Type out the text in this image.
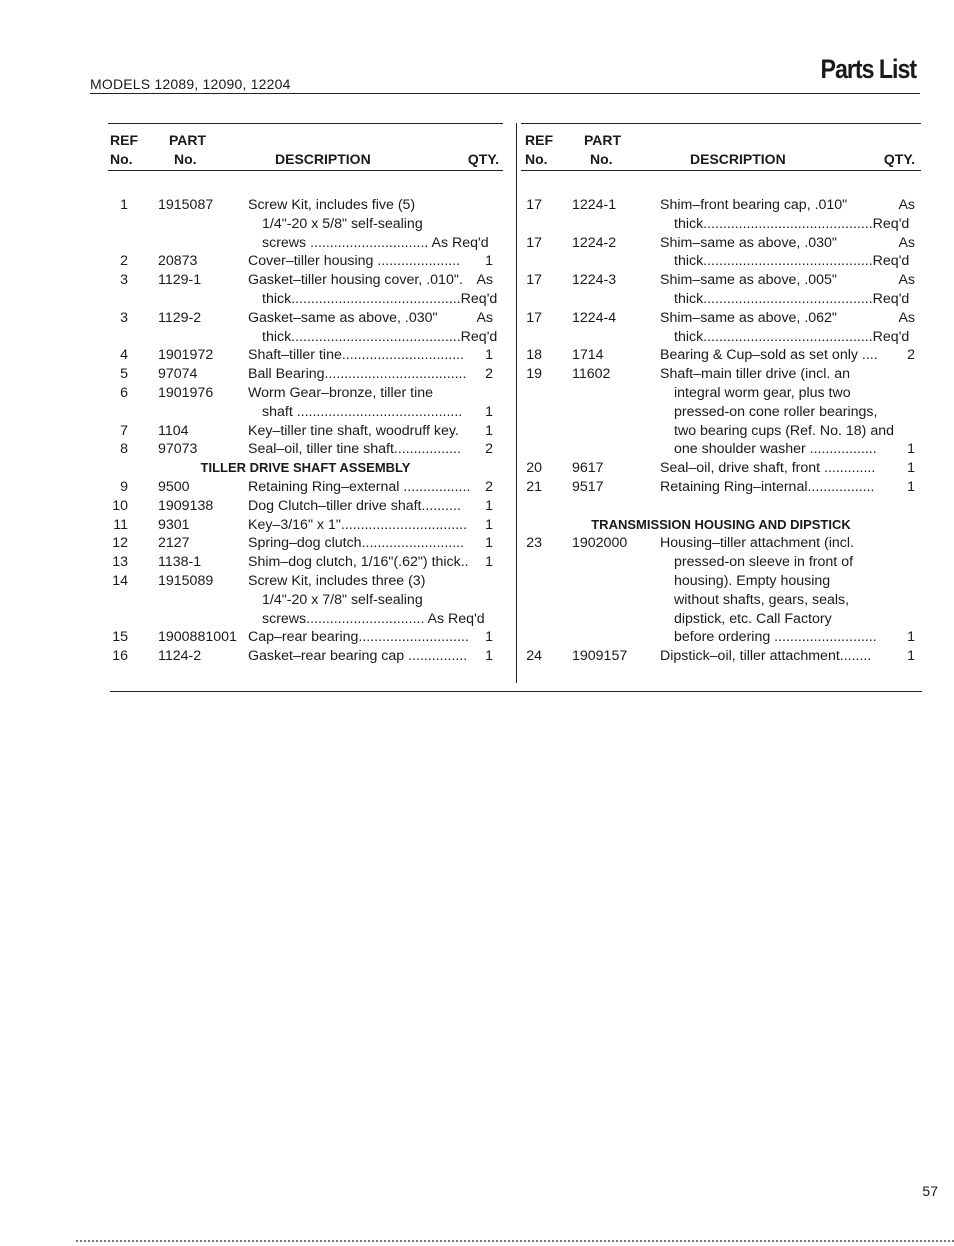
MODELS 12089, 12090, 12204	Parts List
REF
No.
PART
No.	DESCRIPTION	QTY.
1 1915087 Screw Kit, includes five (5)
1/4"-20 x 5/8" self-sealing
screws .............................. As Req'd
2 20873	Cover–tiller housing .....................	1
3 1129-1	Gasket–tiller housing cover, .010". As
thick...........................................Req'd
3 1129-2	Gasket–same as above, .030"	As
thick...........................................Req'd
4 1901972 Shaft–tiller tine...............................	1
5 97074	Ball Bearing....................................	2
6 1901976 Worm Gear–bronze, tiller tine
shaft ..........................................	1
7 1104	Key–tiller tine shaft, woodruff key.	1
8 97073	Seal–oil, tiller tine shaft.................	2
TILLER DRIVE SHAFT ASSEMBLY
9 9500	Retaining Ring–external .................	2
10 1909138 Dog Clutch–tiller drive shaft..........	1
11 9301	Key–3/16" x 1"................................	1
12 2127	Spring–dog clutch..........................	1
13 1138-1	Shim–dog clutch, 1/16"(.62") thick..	1
14 1915089 Screw Kit, includes three (3)
1/4"-20 x 7/8" self-sealing
screws.............................. As Req'd
15 1900881001 Cap–rear bearing............................	1
16 1124-2	Gasket–rear bearing cap ...............	1
REF
No.
PART
No.	DESCRIPTION	QTY.
17 1224-1	Shim–front bearing cap, .010"	As
thick...........................................Req'd
17 1224-2	Shim–same as above, .030"	As
thick...........................................Req'd
17 1224-3	Shim–same as above, .005"	As
thick...........................................Req'd
17 1224-4	Shim–same as above, .062"	As
thick...........................................Req'd
18 1714	Bearing & Cup–sold as set only ....	2
19 11602	Shaft–main tiller drive (incl. an
integral worm gear, plus two
pressed-on cone roller bearings,
two bearing cups (Ref. No. 18) and
one shoulder washer .................	1
20 9617	Seal–oil, drive shaft, front .............	1
21 9517	Retaining Ring–internal.................	1
TRANSMISSION HOUSING AND DIPSTICK
23 1902000 Housing–tiller attachment (incl.
pressed-on sleeve in front of
housing). Empty housing
without shafts, gears, seals,
dipstick, etc. Call Factory
before ordering ..........................	1
24 1909157 Dipstick–oil, tiller attachment........	1
57
